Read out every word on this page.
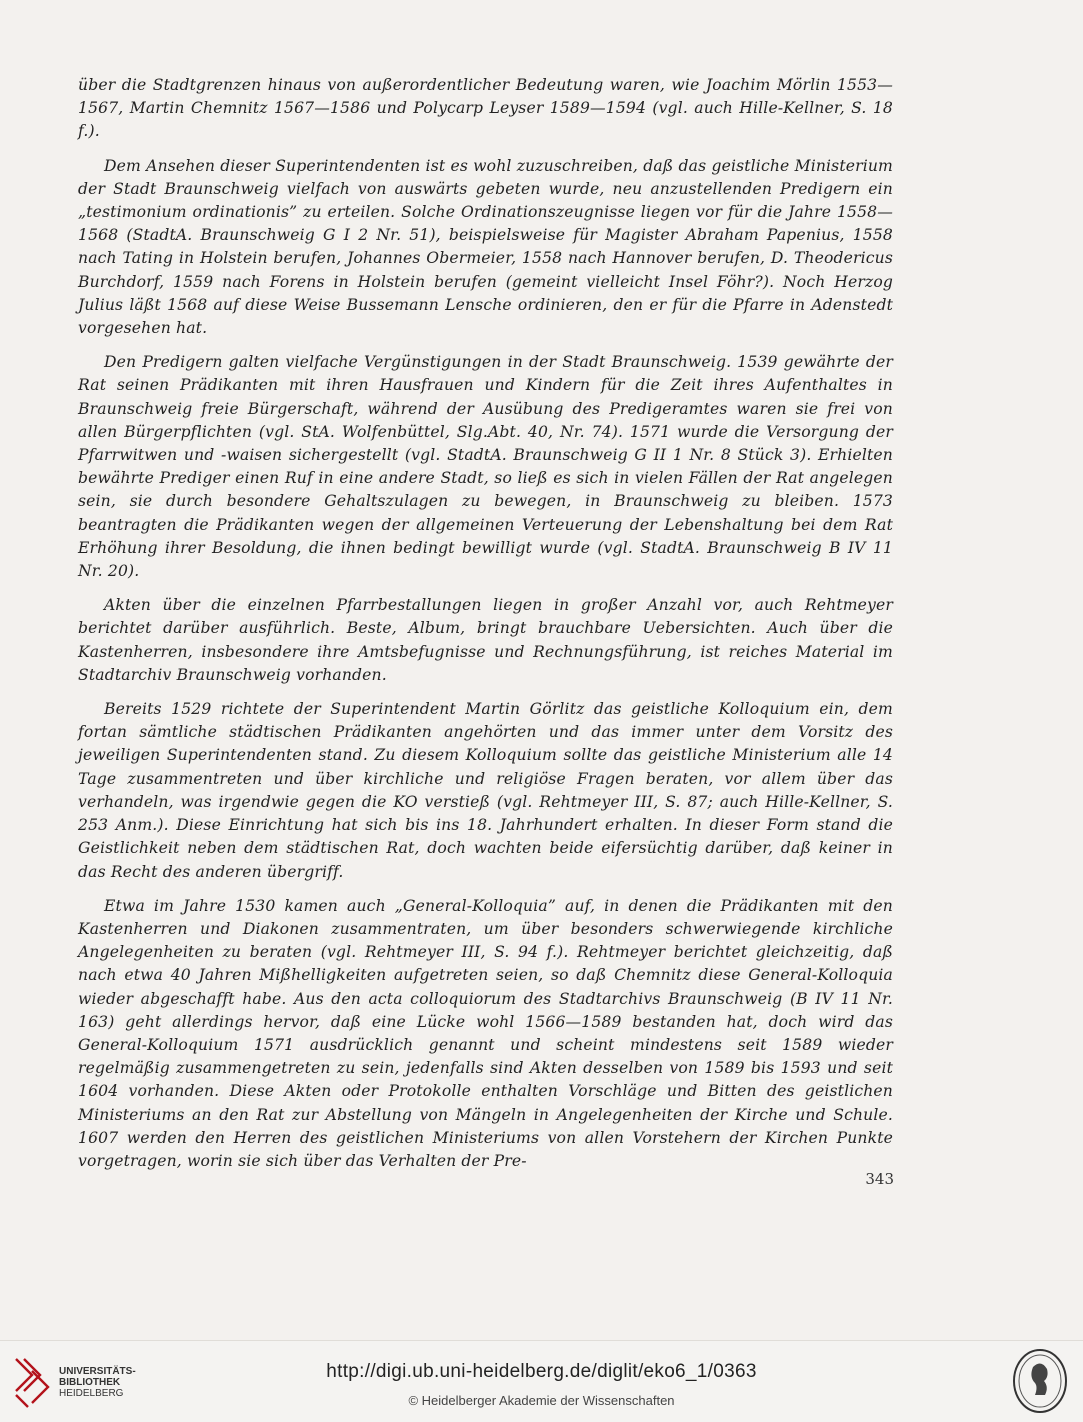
über die Stadtgrenzen hinaus von außerordentlicher Bedeutung waren, wie Joachim Mörlin 1553—1567, Martin Chemnitz 1567—1586 und Polycarp Leyser 1589—1594 (vgl. auch Hille-Kellner, S. 18 f.).

Dem Ansehen dieser Superintendenten ist es wohl zuzuschreiben, daß das geistliche Ministerium der Stadt Braunschweig vielfach von auswärts gebeten wurde, neu anzustellenden Predigern ein „testimonium ordinationis” zu erteilen. Solche Ordinationszeugnisse liegen vor für die Jahre 1558—1568 (StadtA. Braunschweig G I 2 Nr. 51), beispielsweise für Magister Abraham Papenius, 1558 nach Tating in Holstein berufen, Johannes Obermeier, 1558 nach Hannover berufen, D. Theodericus Burchdorf, 1559 nach Forens in Holstein berufen (gemeint vielleicht Insel Föhr?). Noch Herzog Julius läßt 1568 auf diese Weise Bussemann Lensche ordinieren, den er für die Pfarre in Adenstedt vorgesehen hat.

Den Predigern galten vielfache Vergünstigungen in der Stadt Braunschweig. 1539 gewährte der Rat seinen Prädikanten mit ihren Hausfrauen und Kindern für die Zeit ihres Aufenthaltes in Braunschweig freie Bürgerschaft, während der Ausübung des Predigeramtes waren sie frei von allen Bürgerpflichten (vgl. StA. Wolfenbüttel, Slg.Abt. 40, Nr. 74). 1571 wurde die Versorgung der Pfarrwitwen und -waisen sichergestellt (vgl. StadtA. Braunschweig G II 1 Nr. 8 Stück 3). Erhielten bewährte Prediger einen Ruf in eine andere Stadt, so ließ es sich in vielen Fällen der Rat angelegen sein, sie durch besondere Gehaltszulagen zu bewegen, in Braunschweig zu bleiben. 1573 beantragten die Prädikanten wegen der allgemeinen Verteuerung der Lebenshaltung bei dem Rat Erhöhung ihrer Besoldung, die ihnen bedingt bewilligt wurde (vgl. StadtA. Braunschweig B IV 11 Nr. 20).

Akten über die einzelnen Pfarrbestallungen liegen in großer Anzahl vor, auch Rehtmeyer berichtet darüber ausführlich. Beste, Album, bringt brauchbare Uebersichten. Auch über die Kastenherren, insbesondere ihre Amtsbefugnisse und Rechnungsführung, ist reiches Material im Stadtarchiv Braunschweig vorhanden.

Bereits 1529 richtete der Superintendent Martin Görlitz das geistliche Kolloquium ein, dem fortan sämtliche städtischen Prädikanten angehörten und das immer unter dem Vorsitz des jeweiligen Superintendenten stand. Zu diesem Kolloquium sollte das geistliche Ministerium alle 14 Tage zusammentreten und über kirchliche und religiöse Fragen beraten, vor allem über das verhandeln, was irgendwie gegen die KO verstieß (vgl. Rehtmeyer III, S. 87; auch Hille-Kellner, S. 253 Anm.). Diese Einrichtung hat sich bis ins 18. Jahrhundert erhalten. In dieser Form stand die Geistlichkeit neben dem städtischen Rat, doch wachten beide eifersüchtig darüber, daß keiner in das Recht des anderen übergriff.

Etwa im Jahre 1530 kamen auch „General-Kolloquia” auf, in denen die Prädikanten mit den Kastenherren und Diakonen zusammentraten, um über besonders schwerwiegende kirchliche Angelegenheiten zu beraten (vgl. Rehtmeyer III, S. 94 f.). Rehtmeyer berichtet gleichzeitig, daß nach etwa 40 Jahren Mißhelligkeiten aufgetreten seien, so daß Chemnitz diese General-Kolloquia wieder abgeschafft habe. Aus den acta colloquiorum des Stadtarchivs Braunschweig (B IV 11 Nr. 163) geht allerdings hervor, daß eine Lücke wohl 1566—1589 bestanden hat, doch wird das General-Kolloquium 1571 ausdrücklich genannt und scheint mindestens seit 1589 wieder regelmäßig zusammengetreten zu sein, jedenfalls sind Akten desselben von 1589 bis 1593 und seit 1604 vorhanden. Diese Akten oder Protokolle enthalten Vorschläge und Bitten des geistlichen Ministeriums an den Rat zur Abstellung von Mängeln in Angelegenheiten der Kirche und Schule. 1607 werden den Herren des geistlichen Ministeriums von allen Vorstehern der Kirchen Punkte vorgetragen, worin sie sich über das Verhalten der Pre-

343
UNIVERSITÄTS-
BIBLIOTHEK
HEIDELBERG
http://digi.ub.uni-heidelberg.de/diglit/eko6_1/0363
© Heidelberger Akademie der Wissenschaften
